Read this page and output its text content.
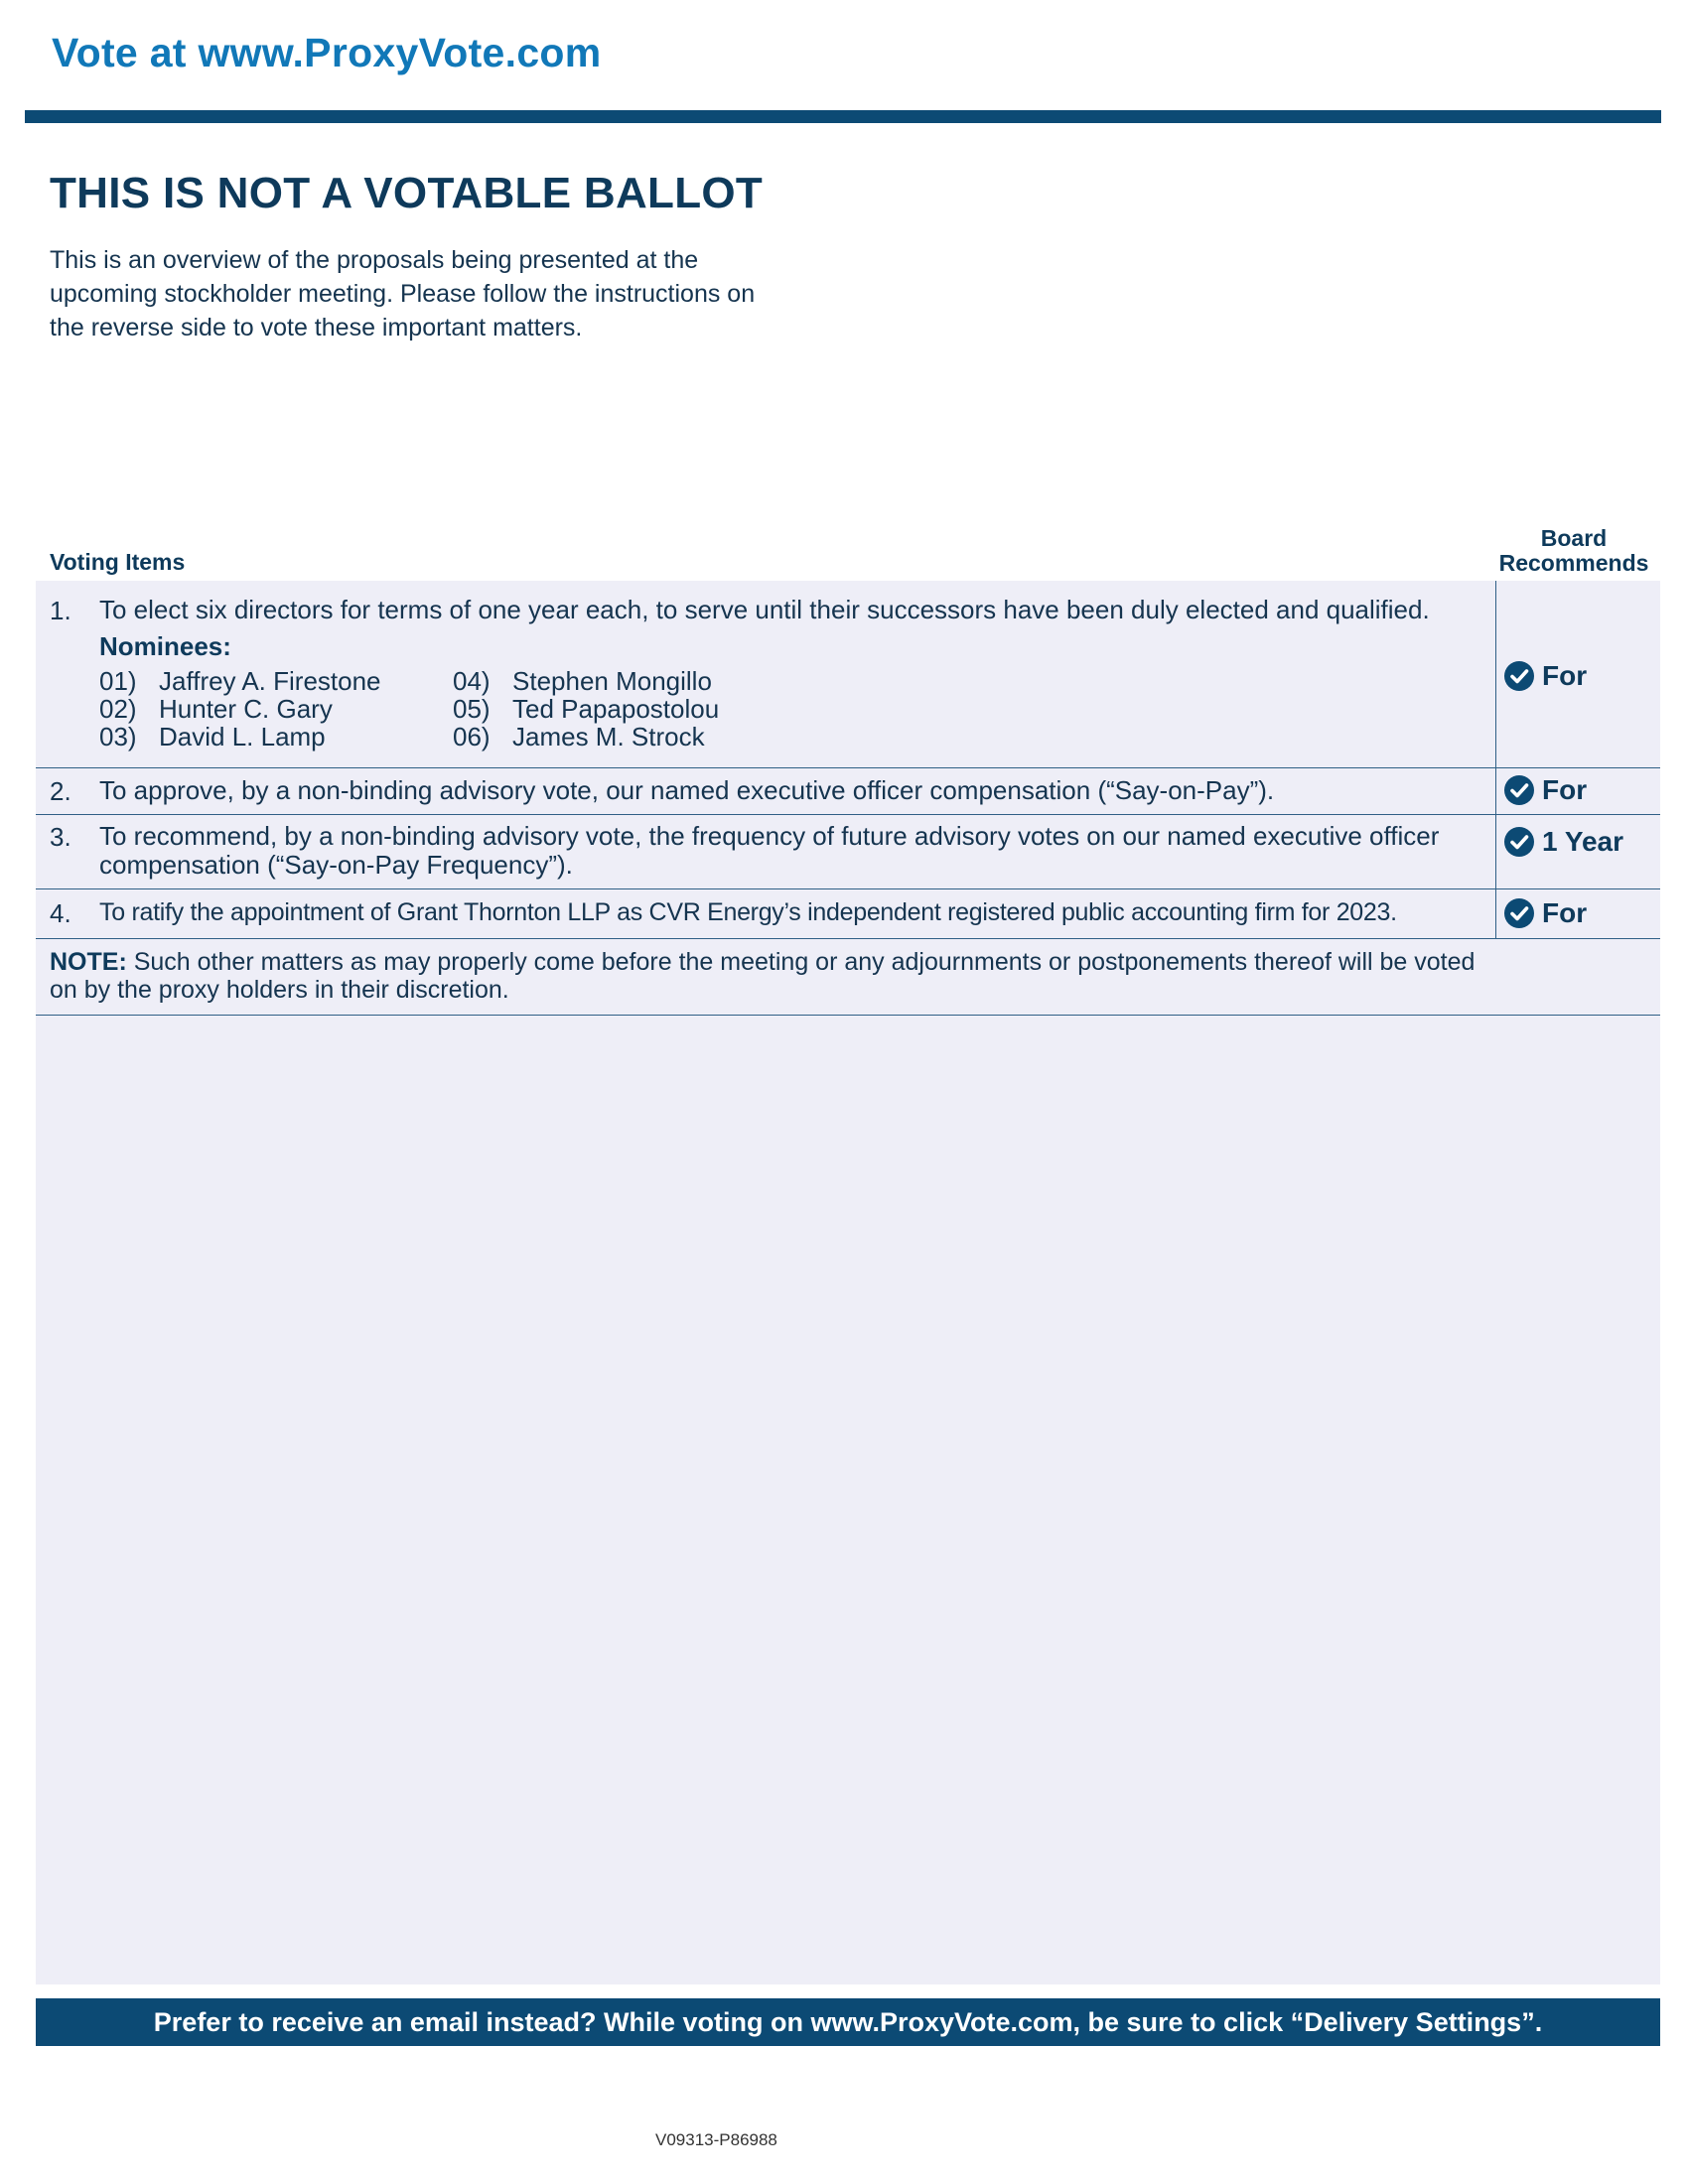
Vote at www.ProxyVote.com
THIS IS NOT A VOTABLE BALLOT
This is an overview of the proposals being presented at the
upcoming stockholder meeting. Please follow the instructions on
the reverse side to vote these important matters.
Voting Items
Board
Recommends
1. To elect six directors for terms of one year each, to serve until their successors have been duly elected and qualified.
Nominees:
01) Jaffrey A. Firestone
02) Hunter C. Gary
03) David L. Lamp
04) Stephen Mongillo
05) Ted Papapostolou
06) James M. Strock
For
2. To approve, by a non-binding advisory vote, our named executive officer compensation (“Say-on-Pay”).	For
3. To recommend, by a non-binding advisory vote, the frequency of future advisory votes on our named executive officer compensation (“Say-on-Pay Frequency”).
1 Year
4. To ratify the appointment of Grant Thornton LLP as CVR Energy’s independent registered public accounting firm for 2023.	For
NOTE: Such other matters as may properly come before the meeting or any adjournments or postponements thereof will be voted on by the proxy holders in their discretion.
Prefer to receive an email instead? While voting on www.ProxyVote.com, be sure to click “Delivery Settings”.
V09313-P86988
